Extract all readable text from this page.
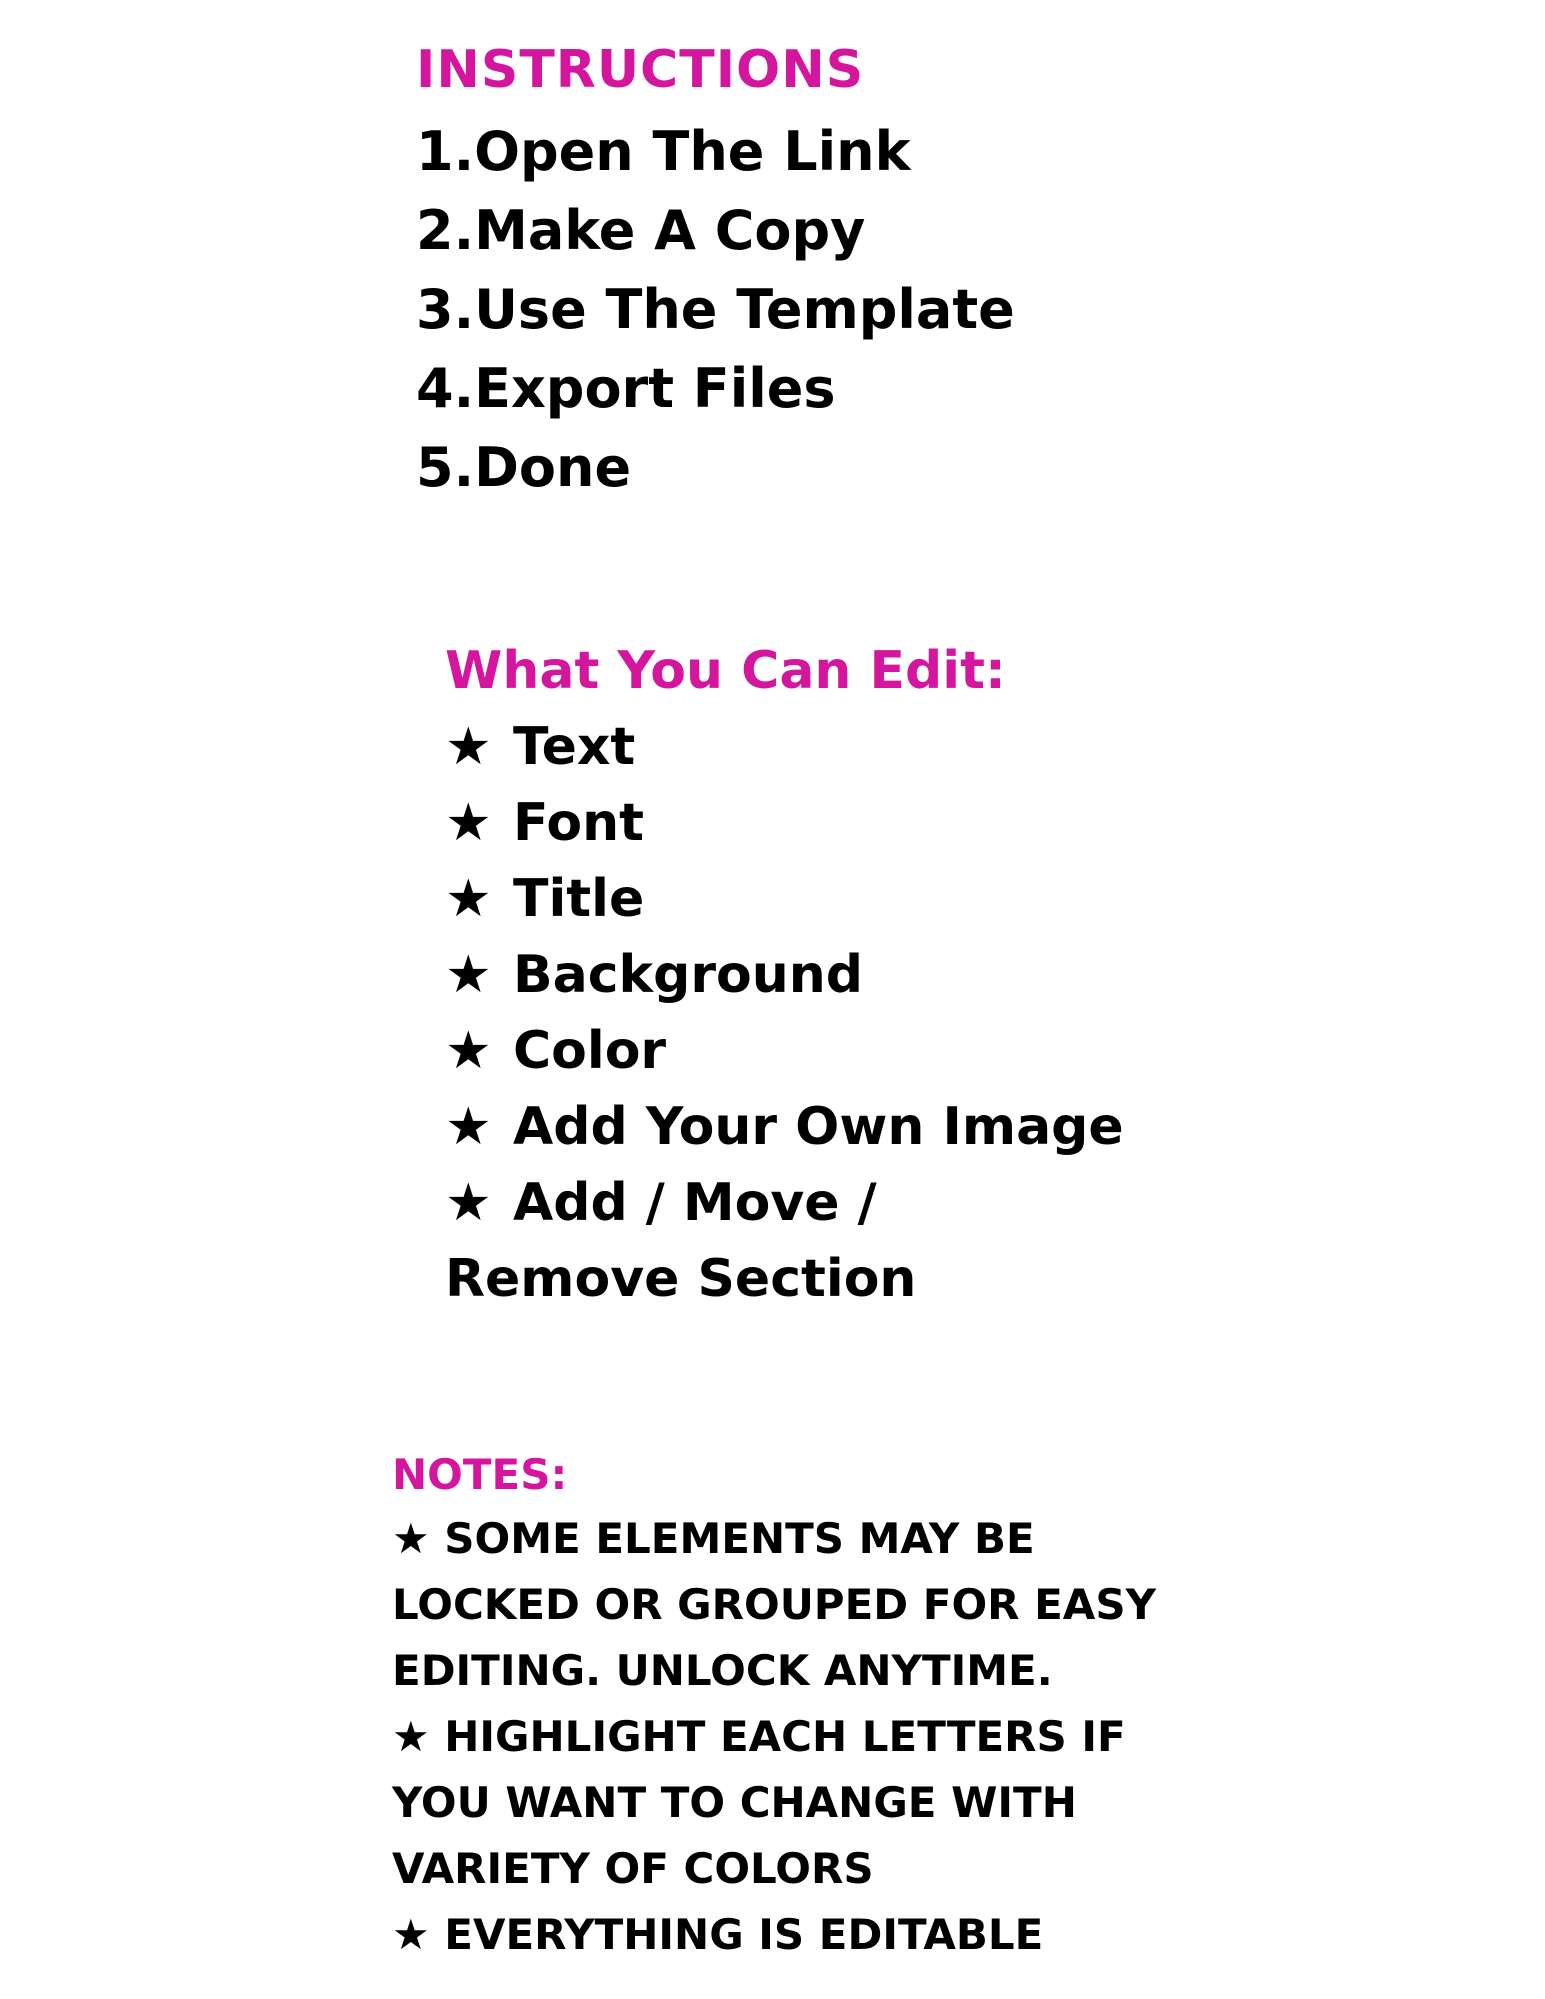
INSTRUCTIONS
1.Open The Link
2.Make A Copy
3.Use The Template
4.Export Files
5.Done
What You Can Edit:
★ Text
★ Font
★ Title
★ Background
★ Color
★ Add Your Own Image
★ Add / Move /
Remove Section
NOTES:
★ SOME ELEMENTS MAY BE
LOCKED OR GROUPED FOR EASY
EDITING. UNLOCK ANYTIME.
★ HIGHLIGHT EACH LETTERS IF
YOU WANT TO CHANGE WITH
VARIETY OF COLORS
★ EVERYTHING IS EDITABLE
